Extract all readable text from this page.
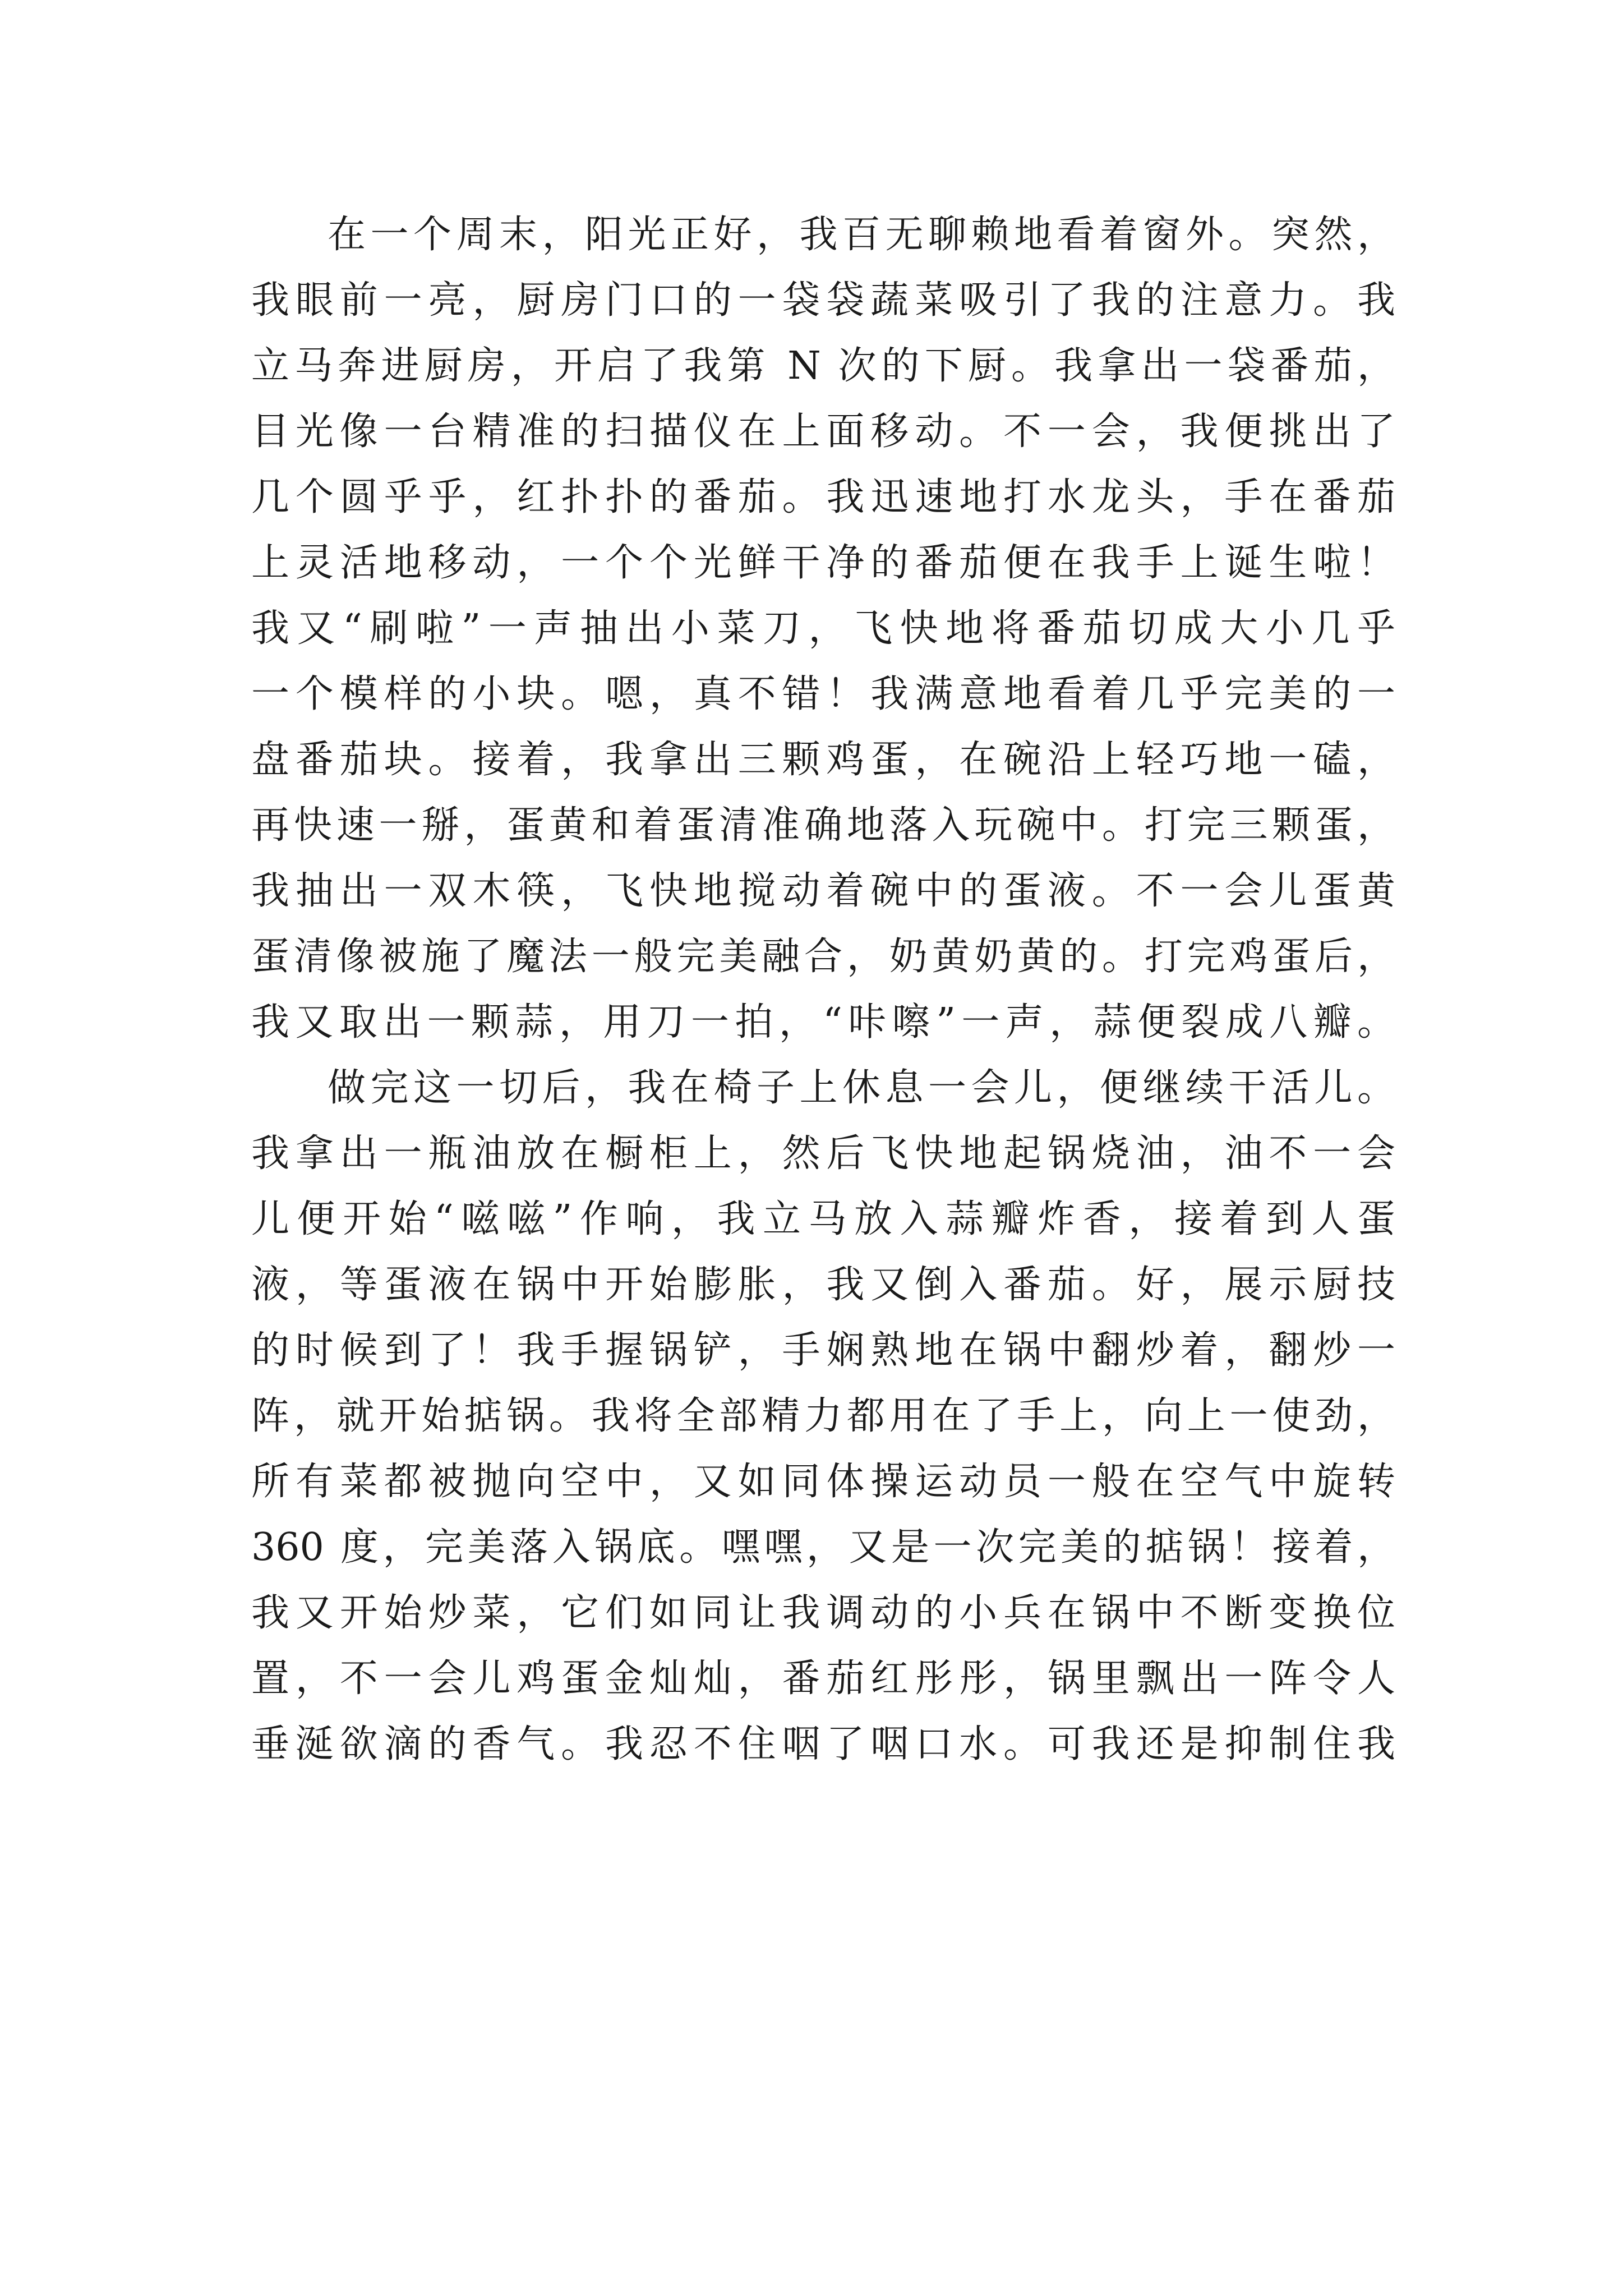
在一个周末，阳光正好，我百无聊赖地看着窗外。突然，
我眼前一亮，厨房门口的一袋袋蔬菜吸引了我的注意力。我
立马奔进厨房，开启了我第 N 次的下厨。我拿出一袋番茄，
目光像一台精准的扫描仪在上面移动。不一会，我便挑出了
几个圆乎乎，红扑扑的番茄。我迅速地打水龙头，手在番茄
上灵活地移动，一个个光鲜干净的番茄便在我手上诞生啦！
我又“刷啦”一声抽出小菜刀，飞快地将番茄切成大小几乎
一个模样的小块。嗯，真不错！我满意地看着几乎完美的一
盘番茄块。接着，我拿出三颗鸡蛋，在碗沿上轻巧地一磕，
再快速一掰，蛋黄和着蛋清准确地落入玩碗中。打完三颗蛋，
我抽出一双木筷，飞快地搅动着碗中的蛋液。不一会儿蛋黄
蛋清像被施了魔法一般完美融合，奶黄奶黄的。打完鸡蛋后，
我又取出一颗蒜，用刀一拍，“咔嚓”一声，蒜便裂成八瓣。
做完这一切后，我在椅子上休息一会儿，便继续干活儿。
我拿出一瓶油放在橱柜上，然后飞快地起锅烧油，油不一会
儿便开始“嗞嗞”作响，我立马放入蒜瓣炸香，接着到人蛋
液，等蛋液在锅中开始膨胀，我又倒入番茄。好，展示厨技
的时候到了！我手握锅铲，手娴熟地在锅中翻炒着，翻炒一
阵，就开始掂锅。我将全部精力都用在了手上，向上一使劲，
所有菜都被抛向空中，又如同体操运动员一般在空气中旋转
360 度，完美落入锅底。嘿嘿，又是一次完美的掂锅！接着，
我又开始炒菜，它们如同让我调动的小兵在锅中不断变换位
置，不一会儿鸡蛋金灿灿，番茄红彤彤，锅里飘出一阵令人
垂涎欲滴的香气。我忍不住咽了咽口水。可我还是抑制住我
